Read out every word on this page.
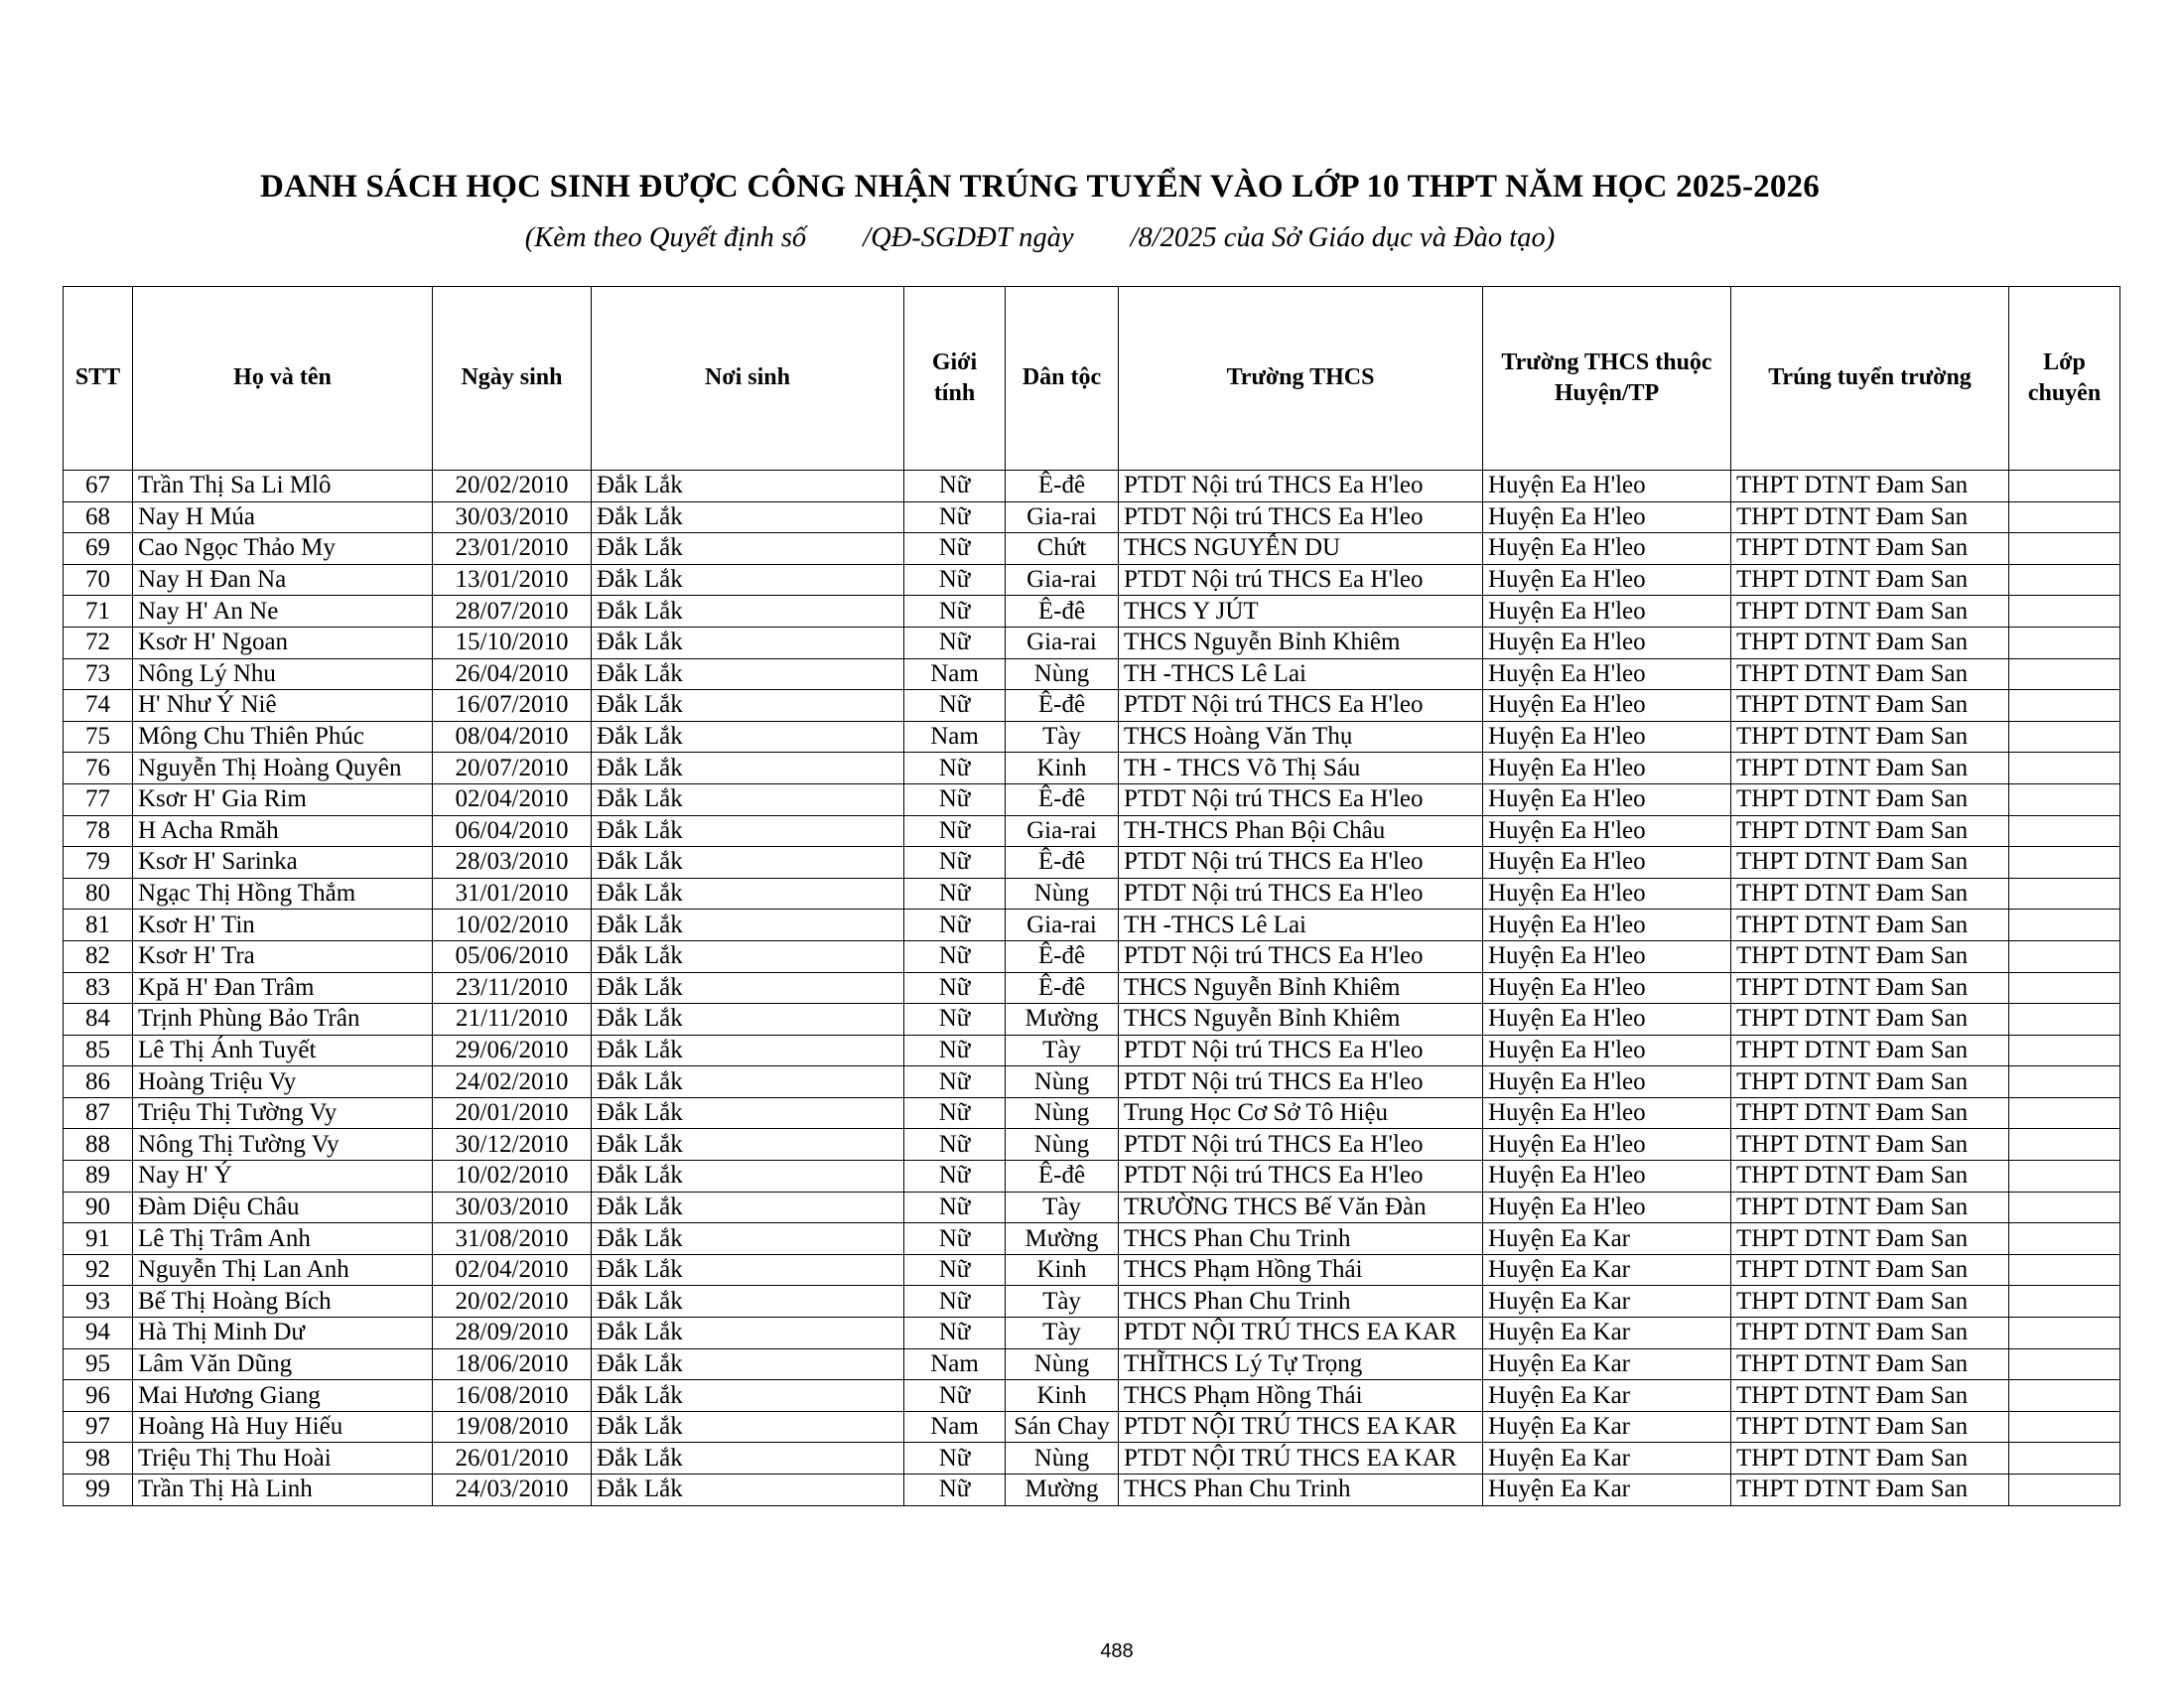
DANH SÁCH HỌC SINH ĐƯỢC CÔNG NHẬN TRÚNG TUYỂN VÀO LỚP 10 THPT NĂM HỌC 2025-2026
(Kèm theo Quyết định số        /QĐ-SGDĐT ngày        /8/2025 của Sở Giáo dục và Đào tạo)
STT	Họ và tên	Ngày sinh	Nơi sinh	Giới tính	Dân tộc	Trường THCS	Trường THCS thuộc Huyện/TP	Trúng tuyển trường	Lớp chuyên
67	Trần Thị Sa Li Mlô	20/02/2010	Đắk Lắk	Nữ	Ê-đê	PTDT Nội trú THCS Ea H'leo	Huyện Ea H'leo	THPT DTNT Đam San	
68	Nay H Múa	30/03/2010	Đắk Lắk	Nữ	Gia-rai	PTDT Nội trú THCS Ea H'leo	Huyện Ea H'leo	THPT DTNT Đam San	
69	Cao Ngọc Thảo My	23/01/2010	Đắk Lắk	Nữ	Chứt	THCS NGUYỄN DU	Huyện Ea H'leo	THPT DTNT Đam San	
70	Nay H Đan Na	13/01/2010	Đắk Lắk	Nữ	Gia-rai	PTDT Nội trú THCS Ea H'leo	Huyện Ea H'leo	THPT DTNT Đam San	
71	Nay H' An Ne	28/07/2010	Đắk Lắk	Nữ	Ê-đê	THCS Y JÚT	Huyện Ea H'leo	THPT DTNT Đam San	
72	Ksơr H' Ngoan	15/10/2010	Đắk Lắk	Nữ	Gia-rai	THCS Nguyễn Bỉnh Khiêm	Huyện Ea H'leo	THPT DTNT Đam San	
73	Nông Lý Nhu	26/04/2010	Đắk Lắk	Nam	Nùng	TH -THCS Lê Lai	Huyện Ea H'leo	THPT DTNT Đam San	
74	H' Như Ý Niê	16/07/2010	Đắk Lắk	Nữ	Ê-đê	PTDT Nội trú THCS Ea H'leo	Huyện Ea H'leo	THPT DTNT Đam San	
75	Mông Chu Thiên Phúc	08/04/2010	Đắk Lắk	Nam	Tày	THCS Hoàng Văn Thụ	Huyện Ea H'leo	THPT DTNT Đam San	
76	Nguyễn Thị Hoàng Quyên	20/07/2010	Đắk Lắk	Nữ	Kinh	TH - THCS Võ Thị Sáu	Huyện Ea H'leo	THPT DTNT Đam San	
77	Ksơr H' Gia Rim	02/04/2010	Đắk Lắk	Nữ	Ê-đê	PTDT Nội trú THCS Ea H'leo	Huyện Ea H'leo	THPT DTNT Đam San	
78	H Acha Rmăh	06/04/2010	Đắk Lắk	Nữ	Gia-rai	TH-THCS Phan Bội Châu	Huyện Ea H'leo	THPT DTNT Đam San	
79	Ksơr H' Sarinka	28/03/2010	Đắk Lắk	Nữ	Ê-đê	PTDT Nội trú THCS Ea H'leo	Huyện Ea H'leo	THPT DTNT Đam San	
80	Ngạc Thị Hồng Thắm	31/01/2010	Đắk Lắk	Nữ	Nùng	PTDT Nội trú THCS Ea H'leo	Huyện Ea H'leo	THPT DTNT Đam San	
81	Ksơr H' Tin	10/02/2010	Đắk Lắk	Nữ	Gia-rai	TH -THCS Lê Lai	Huyện Ea H'leo	THPT DTNT Đam San	
82	Ksơr H' Tra	05/06/2010	Đắk Lắk	Nữ	Ê-đê	PTDT Nội trú THCS Ea H'leo	Huyện Ea H'leo	THPT DTNT Đam San	
83	Kpă H' Đan Trâm	23/11/2010	Đắk Lắk	Nữ	Ê-đê	THCS Nguyễn Bỉnh Khiêm	Huyện Ea H'leo	THPT DTNT Đam San	
84	Trịnh Phùng Bảo Trân	21/11/2010	Đắk Lắk	Nữ	Mường	THCS Nguyễn Bỉnh Khiêm	Huyện Ea H'leo	THPT DTNT Đam San	
85	Lê Thị Ánh Tuyết	29/06/2010	Đắk Lắk	Nữ	Tày	PTDT Nội trú THCS Ea H'leo	Huyện Ea H'leo	THPT DTNT Đam San	
86	Hoàng Triệu Vy	24/02/2010	Đắk Lắk	Nữ	Nùng	PTDT Nội trú THCS Ea H'leo	Huyện Ea H'leo	THPT DTNT Đam San	
87	Triệu Thị Tường Vy	20/01/2010	Đắk Lắk	Nữ	Nùng	Trung Học Cơ Sở Tô Hiệu	Huyện Ea H'leo	THPT DTNT Đam San	
88	Nông Thị Tường Vy	30/12/2010	Đắk Lắk	Nữ	Nùng	PTDT Nội trú THCS Ea H'leo	Huyện Ea H'leo	THPT DTNT Đam San	
89	Nay H' Ý	10/02/2010	Đắk Lắk	Nữ	Ê-đê	PTDT Nội trú THCS Ea H'leo	Huyện Ea H'leo	THPT DTNT Đam San	
90	Đàm Diệu Châu	30/03/2010	Đắk Lắk	Nữ	Tày	TRƯỜNG THCS Bế Văn Đàn	Huyện Ea H'leo	THPT DTNT Đam San	
91	Lê Thị Trâm Anh	31/08/2010	Đắk Lắk	Nữ	Mường	THCS Phan Chu Trinh	Huyện Ea Kar	THPT DTNT Đam San	
92	Nguyễn Thị Lan Anh	02/04/2010	Đắk Lắk	Nữ	Kinh	THCS Phạm Hồng Thái	Huyện Ea Kar	THPT DTNT Đam San	
93	Bế Thị Hoàng Bích	20/02/2010	Đắk Lắk	Nữ	Tày	THCS Phan Chu Trinh	Huyện Ea Kar	THPT DTNT Đam San	
94	Hà Thị Minh Dư	28/09/2010	Đắk Lắk	Nữ	Tày	PTDT NỘI TRÚ THCS EA KAR	Huyện Ea Kar	THPT DTNT Đam San	
95	Lâm Văn Dũng	18/06/2010	Đắk Lắk	Nam	Nùng	THĨTHCS Lý Tự Trọng	Huyện Ea Kar	THPT DTNT Đam San	
96	Mai Hương Giang	16/08/2010	Đắk Lắk	Nữ	Kinh	THCS Phạm Hồng Thái	Huyện Ea Kar	THPT DTNT Đam San	
97	Hoàng Hà Huy Hiếu	19/08/2010	Đắk Lắk	Nam	Sán Chay	PTDT NỘI TRÚ THCS EA KAR	Huyện Ea Kar	THPT DTNT Đam San	
98	Triệu Thị Thu Hoài	26/01/2010	Đắk Lắk	Nữ	Nùng	PTDT NỘI TRÚ THCS EA KAR	Huyện Ea Kar	THPT DTNT Đam San	
99	Trần Thị Hà Linh	24/03/2010	Đắk Lắk	Nữ	Mường	THCS Phan Chu Trinh	Huyện Ea Kar	THPT DTNT Đam San	
488
